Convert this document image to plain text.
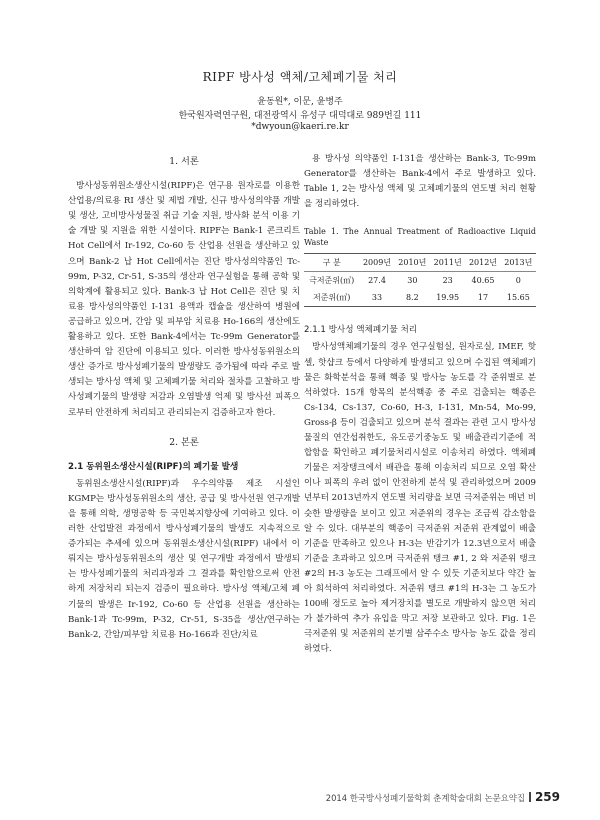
RIPF 방사성 액체/고체폐기물 처리
윤동원*, 이문, 윤병주
한국원자력연구원, 대전광역시 유성구 대덕대로 989번길 111
*dwyoun@kaeri.re.kr
1. 서론

방사성동위원소생산시설(RIPF)은 연구용 원자로를 이용한 산업용/의료용 RI 생산 및 제법 개발, 신규 방사성의약품 개발 및 생산, 고비방사성물질 취급 기술 지원, 방사화 분석 이용 기술 개발 및 지원을 위한 시설이다. RIPF는 Bank-1 콘크리트 Hot Cell에서 Ir-192, Co-60 등 산업용 선원을 생산하고 있으며 Bank-2 납 Hot Cell에서는 진단 방사성의약품인 Tc-99m, P-32, Cr-51, S-35의 생산과 연구실험을 통해 공학 및 의학계에 활용되고 있다. Bank-3 납 Hot Cell은 진단 및 치료용 방사성의약품인 I-131 용액과 캡슐을 생산하여 병원에 공급하고 있으며, 간암 및 피부암 치료용 Ho-166의 생산에도 활용하고 있다. 또한 Bank-4에서는 Tc-99m Generator를 생산하여 암 진단에 이용되고 있다. 이러한 방사성동위원소의 생산 증가로 방사성폐기물의 발생량도 증가됨에 따라 주로 발생되는 방사성 액체 및 고체폐기물 처리와 절차를 고찰하고 방사성폐기물의 발생량 저감과 오염발생 억제 및 방사선 피폭으로부터 안전하게 처리되고 관리되는지 검증하고자 한다.

2. 본론
2.1 동위원소생산시설(RIPF)의 폐기물 발생

동위원소생산시설(RIPF)과 우수의약품 제조 시설인 KGMP는 방사성동위원소의 생산, 공급 및 방사선원 연구개발을 통해 의학, 생명공학 등 국민복지향상에 기여하고 있다. 이러한 산업발전 과정에서 방사성폐기물의 발생도 지속적으로 증가되는 추세에 있으며 동위원소생산시설(RIPF) 내에서 이뤄지는 방사성동위원소의 생산 및 연구개발 과정에서 발생되는 방사성폐기물의 처리과정과 그 결과를 확인함으로써 안전하게 저장처리 되는지 검증이 필요하다. 방사성 액체/고체 폐기물의 발생은 Ir-192, Co-60 등 산업용 선원을 생산하는 Bank-1과 Tc-99m, P-32, Cr-51, S-35을 생산/연구하는 Bank-2, 간암/피부암 치료용 Ho-166과 진단/치료

용 방사성 의약품인 I-131을 생산하는 Bank-3, Tc-99m Generator를 생산하는 Bank-4에서 주로 발생하고 있다. Table 1, 2는 방사성 액체 및 고체폐기물의 연도별 처리 현황을 정리하였다.

Table 1. The Annual Treatment of Radioactive Liquid Waste
구 분	2009년	2010년	2011년	2012년	2013년
극저준위(㎥)	27.4	30	23	40.65	0
저준위(㎥)	33	8.2	19.95	17	15.65
2.1.1 방사성 액체폐기물 처리

방사성액체폐기물의 경우 연구실험실, 원자로실, IMEF, 핫셀, 핫샵크 등에서 다양하게 발생되고 있으며 수집된 액체폐기물은 화학분석을 통해 핵종 및 방사능 농도를 각 준위별로 분석하였다. 15개 항목의 분석핵종 중 주로 검출되는 핵종은 Cs-134, Cs-137, Co-60, H-3, I-131, Mn-54, Mo-99, Gross-β 등이 검출되고 있으며 분석 결과는 관련 고시 방사성물질의 연간섭취한도, 유도공기중농도 및 배출관리기준에 적합함을 확인하고 폐기물처리시설로 이송처리 하였다. 액체폐기물은 저장탱크에서 배관을 통해 이송처리 되므로 오염 확산이나 피폭의 우려 없이 안전하게 분석 및 관리하였으며 2009년부터 2013년까지 연도별 처리량을 보면 극저준위는 매년 비슷한 발생량을 보이고 있고 저준위의 경우는 조금씩 감소함을 알 수 있다. 대부분의 핵종이 극저준위 저준위 관계없이 배출기준을 만족하고 있으나 H-3는 반감기가 12.3년으로서 배출기준을 초과하고 있으며 극저준위 탱크 #1, 2 와 저준위 탱크 #2의 H-3 농도는 그래프에서 알 수 있듯 기준치보다 약간 높아 희석하여 처리하였다. 저준위 탱크 #1의 H-3는 그 농도가 100배 정도로 높아 제거장치를 별도로 개발하지 않으면 처리가 불가하여 추가 유입을 막고 저장 보관하고 있다. Fig. 1은 극저준위 및 저준위의 분기별 삼주수소 방사능 농도 값을 정리하였다.

2014 한국방사성폐기물학회 춘계학술대회 논문요약집 259
